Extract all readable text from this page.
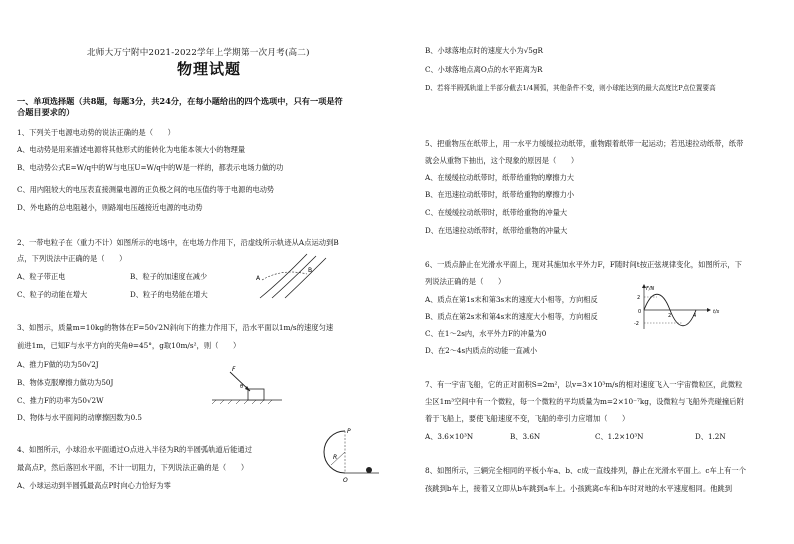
北师大万宁附中2021-2022学年上学期第一次月考(高二)
物理试题
一、单项选择题（共8题，每题3分，共24分，在每小题给出的四个选项中，只有一项是符
合题目要求的）
1、下列关于电源电动势的说法正确的是（　　）
A、电动势是用来描述电源将其他形式的能转化为电能本领大小的物理量
B、电动势公式E=W/q中的W与电压U=W/q中的W是一样的，都表示电场力做的功
C、用内阻较大的电压表直接测量电源的正负极之间的电压值约等于电源的电动势
D、外电路的总电阻越小，则路端电压越接近电源的电动势
2、一带电粒子在（重力不计）如图所示的电场中，在电场力作用下，沿虚线所示轨迹从A点运动到B
点，下列说法中正确的是（　　）
A、粒子带正电	B、粒子的加速度在减少
C、粒子的动能在增大	D、粒子的电势能在增大
A
B
3、如图示，质量m=10kg的物体在F=50√2N斜向下的推力作用下，沿水平面以1m/s的速度匀速
前进1m，已知F与水平方向的夹角θ=45°，g取10m/s²，则（　　）
A、推力F做的功为50√2J
B、物体克服摩擦力做功为50J
C、推力F的功率为50√2W
D、物体与水平面间的动摩擦因数为0.5
F
θ
4、如图所示，小球沿水平面通过O点进入半径为R的半圆弧轨道后能通过
最高点P，然后落回水平面，不计一切阻力，下列说法正确的是（　　）
A、小球运动到半圆弧最高点P时向心力恰好为零
P
R
O
B、小球落地点时的速度大小为√5gR
C、小球落地点离O点的水平距离为R
D、若将半圆弧轨道上半部分截去1/4圆弧，其他条件不变，则小球能达到的最大高度比P点位置要高
5、把重物压在纸带上，用一水平力缓缓拉动纸带，重物跟着纸带一起运动；若迅速拉动纸带，纸带
就会从重物下抽出，这个现象的原因是（　　）
A、在缓缓拉动纸带时，纸带给重物的摩擦力大
B、在迅速拉动纸带时，纸带给重物的摩擦力小
C、在缓缓拉动纸带时，纸带给重物的冲量大
D、在迅速拉动纸带时，纸带给重物的冲量大
6、一质点静止在光滑水平面上，现对其施加水平外力F，F随时间t按正弦规律变化，如图所示，下
列说法正确的是（　　）
A、质点在第1s末和第3s末的速度大小相等，方向相反
B、质点在第2s末和第4s末的速度大小相等，方向相反
C、在1～2s内，水平外力F的冲量为0
D、在2～4s内质点的动能一直减小
F/N
2
0
-2
2	4
t/s
7、有一宇宙飞船，它的正对面积S=2m²，以v=3×10³m/s的相对速度飞入一宇宙微粒区，此微粒
尘区1m³空间中有一个微粒，每一个微粒的平均质量为m=2×10⁻⁷kg，设微粒与飞船外壳碰撞后附
着于飞船上，要使飞船速度不变，飞船的牵引力应增加（　　）
A、3.6×10³N	B、3.6N	C、1.2×10³N	D、1.2N
8、如图所示，三辆完全相同的平板小车a、b、c成一直线排列，静止在光滑水平面上。c车上有一个
孩跳到b车上，接着又立即从b车跳到a车上。小孩跳离c车和b车时对地的水平速度相同。他跳到
